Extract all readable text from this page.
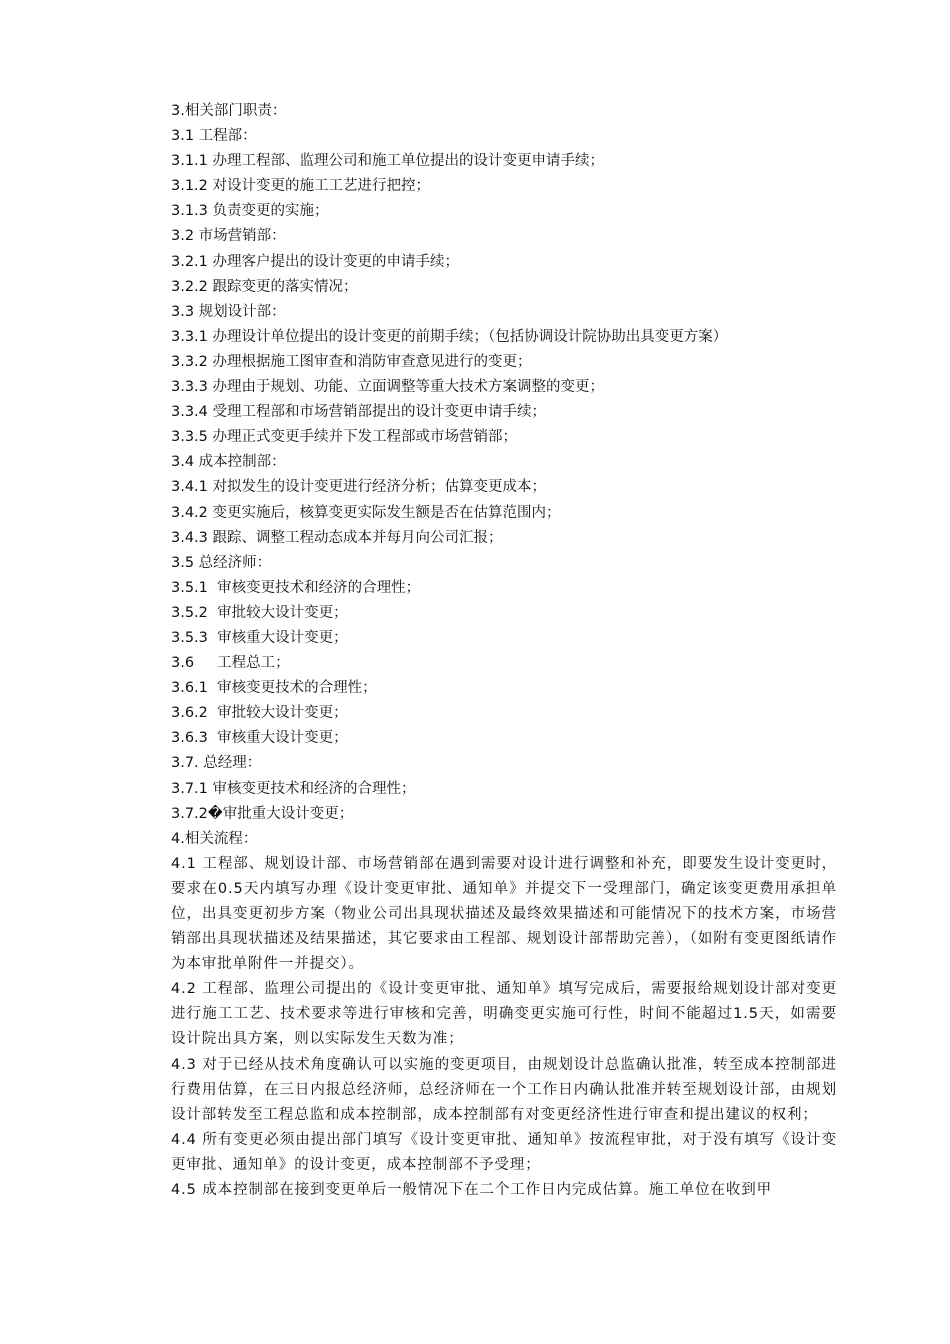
3.相关部门职责：
3.1 工程部：
3.1.1 办理工程部、监理公司和施工单位提出的设计变更申请手续；
3.1.2 对设计变更的施工工艺进行把控；
3.1.3 负责变更的实施；
3.2 市场营销部：
3.2.1 办理客户提出的设计变更的申请手续；
3.2.2 跟踪变更的落实情况；
3.3 规划设计部：
3.3.1 办理设计单位提出的设计变更的前期手续；（包括协调设计院协助出具变更方案）
3.3.2 办理根据施工图审查和消防审查意见进行的变更；
3.3.3 办理由于规划、功能、立面调整等重大技术方案调整的变更；
3.3.4 受理工程部和市场营销部提出的设计变更申请手续；
3.3.5 办理正式变更手续并下发工程部或市场营销部；
3.4 成本控制部：
3.4.1 对拟发生的设计变更进行经济分析；估算变更成本；
3.4.2 变更实施后，核算变更实际发生额是否在估算范围内；
3.4.3 跟踪、调整工程动态成本并每月向公司汇报；
3.5 总经济师：
3.5.1  审核变更技术和经济的合理性；
3.5.2  审批较大设计变更；
3.5.3  审核重大设计变更；
3.6     工程总工；
3.6.1  审核变更技术的合理性；
3.6.2  审批较大设计变更；
3.6.3  审核重大设计变更；
3.7. 总经理：
3.7.1 审核变更技术和经济的合理性；
3.7.2�审批重大设计变更；
4.相关流程：
4.1 工程部、规划设计部、市场营销部在遇到需要对设计进行调整和补充，即要发生设计变更时，要求在0.5天内填写办理《设计变更审批、通知单》并提交下一受理部门，确定该变更费用承担单位，出具变更初步方案（物业公司出具现状描述及最终效果描述和可能情况下的技术方案，市场营销部出具现状描述及结果描述，其它要求由工程部、规划设计部帮助完善），（如附有变更图纸请作为本审批单附件一并提交）。
4.2 工程部、监理公司提出的《设计变更审批、通知单》填写完成后，需要报给规划设计部对变更进行施工工艺、技术要求等进行审核和完善，明确变更实施可行性，时间不能超过1.5天，如需要设计院出具方案，则以实际发生天数为准；
4.3 对于已经从技术角度确认可以实施的变更项目，由规划设计总监确认批准，转至成本控制部进行费用估算，在三日内报总经济师，总经济师在一个工作日内确认批准并转至规划设计部，由规划设计部转发至工程总监和成本控制部，成本控制部有对变更经济性进行审查和提出建议的权利；
4.4 所有变更必须由提出部门填写《设计变更审批、通知单》按流程审批，对于没有填写《设计变更审批、通知单》的设计变更，成本控制部不予受理；
4.5 成本控制部在接到变更单后一般情况下在二个工作日内完成估算。施工单位在收到甲
